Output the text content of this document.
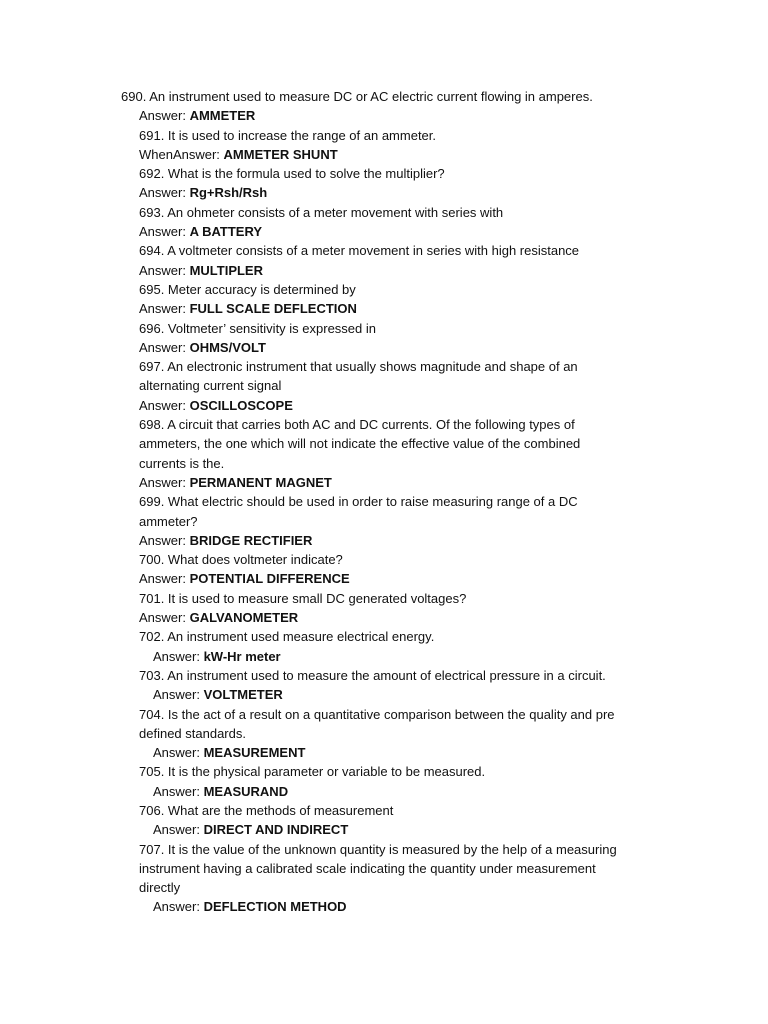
690. An instrument used to measure DC or AC electric current flowing in amperes.
Answer: AMMETER
691. It is used to increase the range of an ammeter.
WhenAnswer: AMMETER SHUNT
692. What is the formula used to solve the multiplier?
Answer: Rg+Rsh/Rsh
693. An ohmeter consists of a meter movement with series with
Answer: A BATTERY
694. A voltmeter consists of a meter movement in series with high resistance
Answer: MULTIPLER
695. Meter accuracy is determined by
Answer: FULL SCALE DEFLECTION
696. Voltmeter’ sensitivity is expressed in
Answer: OHMS/VOLT
697. An electronic instrument that usually shows magnitude and shape of an
alternating current signal
Answer: OSCILLOSCOPE
698. A circuit that carries both AC and DC currents. Of the following types of
ammeters, the one which will not indicate the effective value of the combined
currents is the.
Answer: PERMANENT MAGNET
699. What electric should be used in order to raise measuring range of a DC
ammeter?
Answer: BRIDGE RECTIFIER
700. What does voltmeter indicate?
Answer: POTENTIAL DIFFERENCE
701. It is used to measure small DC generated voltages?
Answer: GALVANOMETER
702. An instrument used measure electrical energy.
Answer: kW-Hr meter
703. An instrument used to measure the amount of electrical pressure in a circuit.
Answer: VOLTMETER
704. Is the act of a result on a quantitative comparison between the quality and pre
defined standards.
Answer: MEASUREMENT
705. It is the physical parameter or variable to be measured.
Answer: MEASURAND
706. What are the methods of measurement
Answer: DIRECT AND INDIRECT
707. It is the value of the unknown quantity is measured by the help of a measuring
instrument having a calibrated scale indicating the quantity under measurement
directly
Answer: DEFLECTION METHOD
